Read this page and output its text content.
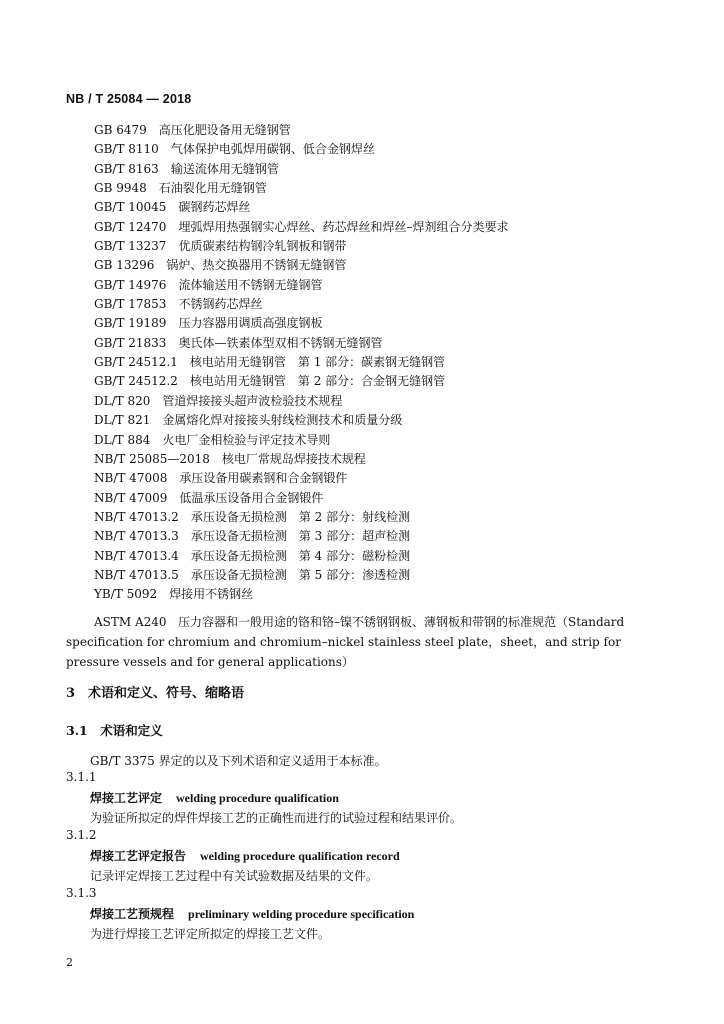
NB / T 25084 — 2018
GB 6479 高压化肥设备用无缝钢管
GB/T 8110 气体保护电弧焊用碳钢、低合金钢焊丝
GB/T 8163 输送流体用无缝钢管
GB 9948 石油裂化用无缝钢管
GB/T 10045 碳钢药芯焊丝
GB/T 12470 埋弧焊用热强钢实心焊丝、药芯焊丝和焊丝–焊剂组合分类要求
GB/T 13237 优质碳素结构钢冷轧钢板和钢带
GB 13296 锅炉、热交换器用不锈钢无缝钢管
GB/T 14976 流体输送用不锈钢无缝钢管
GB/T 17853 不锈钢药芯焊丝
GB/T 19189 压力容器用调质高强度钢板
GB/T 21833 奥氏体—铁素体型双相不锈钢无缝钢管
GB/T 24512.1 核电站用无缝钢管　第 1 部分：碳素钢无缝钢管
GB/T 24512.2 核电站用无缝钢管　第 2 部分：合金钢无缝钢管
DL/T 820 管道焊接接头超声波检验技术规程
DL/T 821 金属熔化焊对接接头射线检测技术和质量分级
DL/T 884 火电厂金相检验与评定技术导则
NB/T 25085—2018 核电厂常规岛焊接技术规程
NB/T 47008 承压设备用碳素钢和合金钢锻件
NB/T 47009 低温承压设备用合金钢锻件
NB/T 47013.2 承压设备无损检测　第 2 部分：射线检测
NB/T 47013.3 承压设备无损检测　第 3 部分：超声检测
NB/T 47013.4 承压设备无损检测　第 4 部分：磁粉检测
NB/T 47013.5 承压设备无损检测　第 5 部分：渗透检测
YB/T 5092 焊接用不锈钢丝
ASTM A240 压力容器和一般用途的铬和铬–镍不锈钢钢板、薄钢板和带钢的标准规范（Standard specification for chromium and chromium–nickel stainless steel plate，sheet，and strip for pressure vessels and for general applications）
3　术语和定义、符号、缩略语
3.1　术语和定义
GB/T 3375 界定的以及下列术语和定义适用于本标准。
3.1.1
焊接工艺评定 welding procedure qualification
为验证所拟定的焊件焊接工艺的正确性而进行的试验过程和结果评价。
3.1.2
焊接工艺评定报告 welding procedure qualification record
记录评定焊接工艺过程中有关试验数据及结果的文件。
3.1.3
焊接工艺预规程 preliminary welding procedure specification
为进行焊接工艺评定所拟定的焊接工艺文件。
2
